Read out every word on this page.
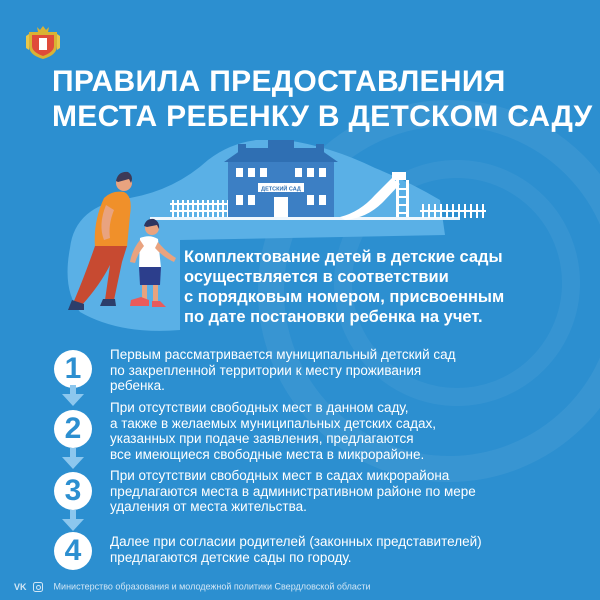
ПРАВИЛА ПРЕДОСТАВЛЕНИЯ
МЕСТА РЕБЕНКУ В ДЕТСКОМ САДУ
ДЕТСКИЙ САД

Комплектование детей в детские сады
осуществляется в соответствии
с порядковым номером, присвоенным
по дате постановки ребенка на учет.

1	Первым рассматривается муниципальный детский сад
по закрепленной территории к месту проживания
ребенка.

2

При отсутствии свободных мест в данном саду,
а также в желаемых муниципальных детских садах,
указанных при подаче заявления, предлагаются
все имеющиеся свободные места в микрорайоне.

3	При отсутствии свободных мест в садах микрорайона
предлагаются места в административном районе по мере
удаления от места жительства.

4	Далее при согласии родителей (законных представителей)
предлагаются детские сады по городу.

VK	Министерство образования и молодежной политики Свердловской области
